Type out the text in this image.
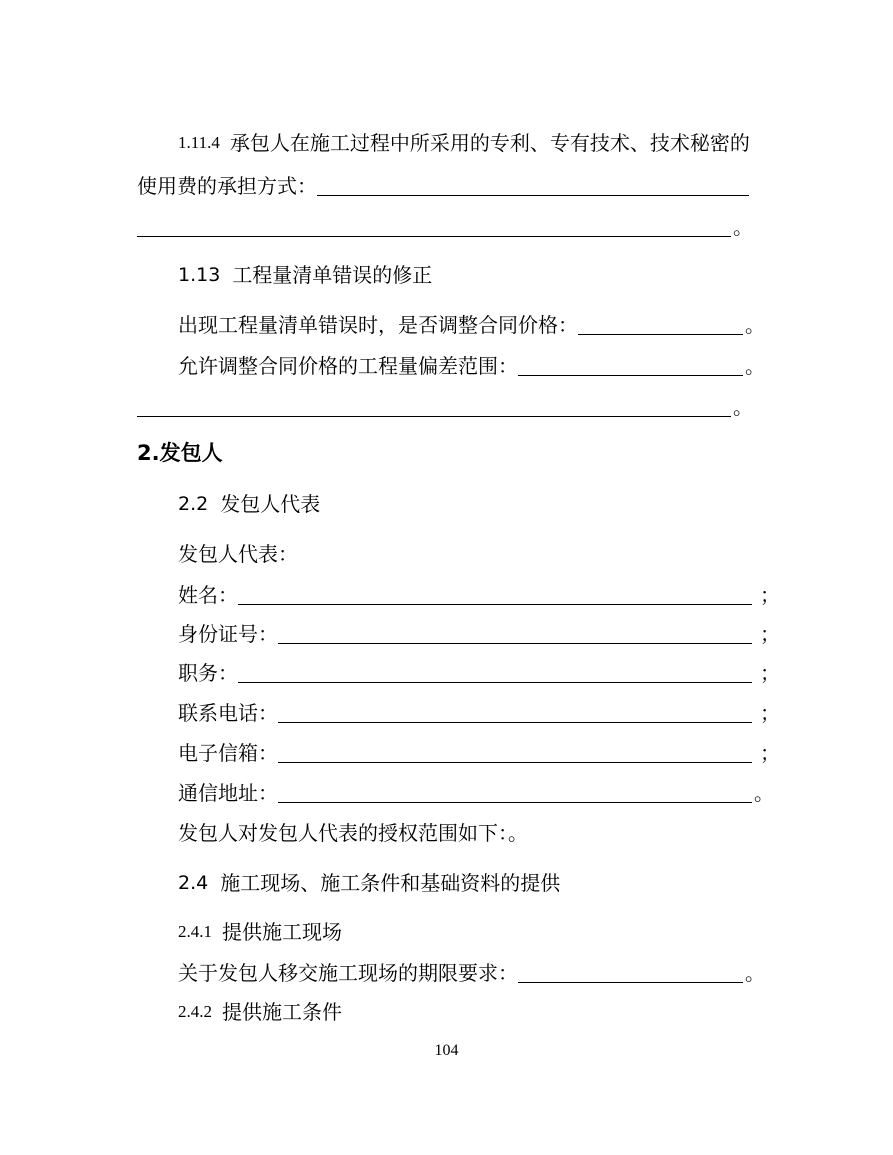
1.11.4 承包人在施工过程中所采用的专利、专有技术、技术秘密的
使用费的承担方式：
。
1.13 工程量清单错误的修正
出现工程量清单错误时，是否调整合同价格：	。
允许调整合同价格的工程量偏差范围：	。
。
2.发包人
2.2 发包人代表
发包人代表：
姓名：	；
身份证号：	；
职务：	；
联系电话：	；
电子信箱：	；
通信地址：	。
发包人对发包人代表的授权范围如下：。
2.4 施工现场、施工条件和基础资料的提供
2.4.1 提供施工现场
关于发包人移交施工现场的期限要求：	。
2.4.2 提供施工条件
104
